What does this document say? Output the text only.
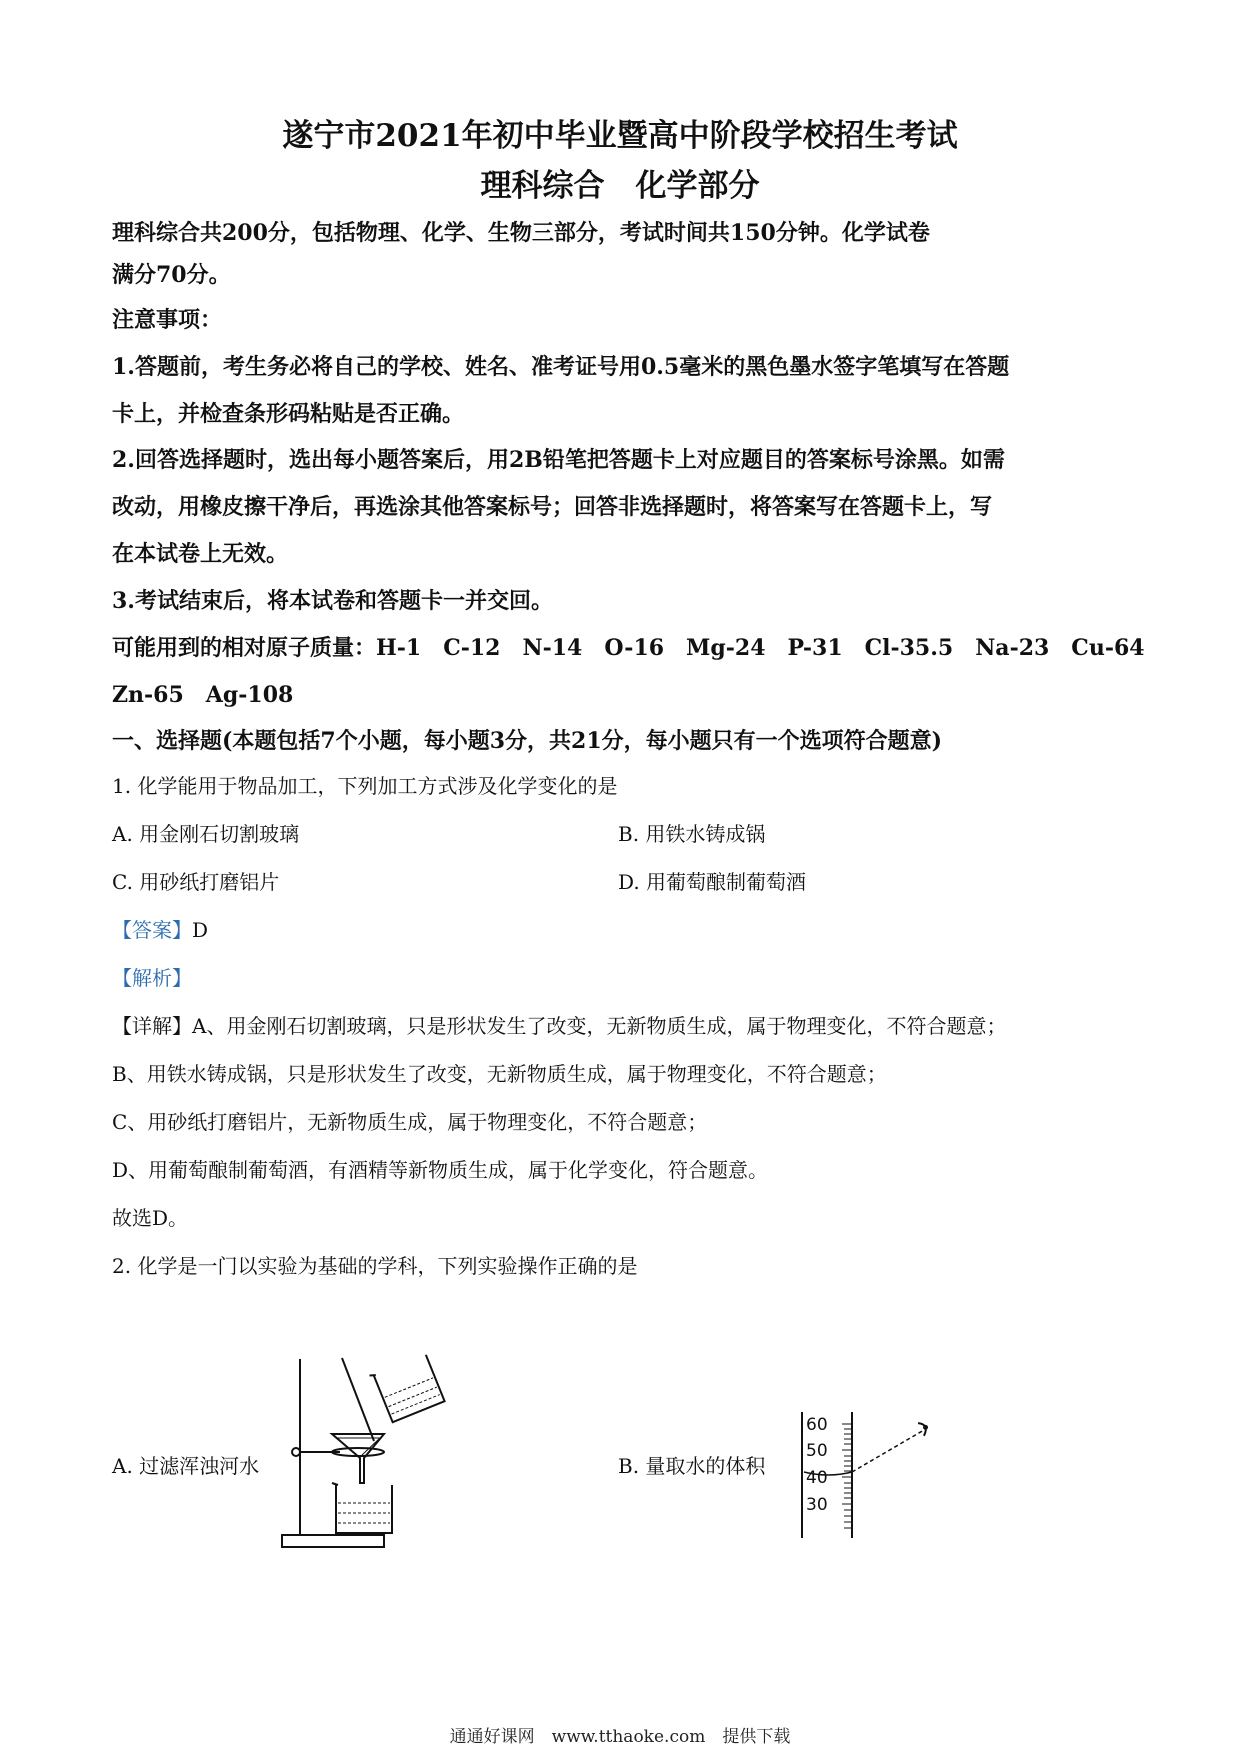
遂宁市2021年初中毕业暨高中阶段学校招生考试
理科综合　化学部分
理科综合共200分，包括物理、化学、生物三部分，考试时间共150分钟。化学试卷
满分70分。
注意事项：
1.答题前，考生务必将自己的学校、姓名、准考证号用0.5毫米的黑色墨水签字笔填写在答题
卡上，并检查条形码粘贴是否正确。
2.回答选择题时，选出每小题答案后，用2B铅笔把答题卡上对应题目的答案标号涂黑。如需
改动，用橡皮擦干净后，再选涂其他答案标号；回答非选择题时，将答案写在答题卡上，写
在本试卷上无效。
3.考试结束后，将本试卷和答题卡一并交回。
可能用到的相对原子质量：H-1　C-12　N-14　O-16　Mg-24　P-31　Cl-35.5　Na-23　Cu-64
Zn-65　Ag-108
一、选择题(本题包括7个小题，每小题3分，共21分，每小题只有一个选项符合题意)
1. 化学能用于物品加工，下列加工方式涉及化学变化的是
A. 用金刚石切割玻璃	B. 用铁水铸成锅
C. 用砂纸打磨铝片	D. 用葡萄酿制葡萄酒
【答案】D
【解析】
【详解】A、用金刚石切割玻璃，只是形状发生了改变，无新物质生成，属于物理变化，不符合题意；
B、用铁水铸成锅，只是形状发生了改变，无新物质生成，属于物理变化，不符合题意；
C、用砂纸打磨铝片，无新物质生成，属于物理变化，不符合题意；
D、用葡萄酿制葡萄酒，有酒精等新物质生成，属于化学变化，符合题意。
故选D。
2. 化学是一门以实验为基础的学科，下列实验操作正确的是
A. 过滤浑浊河水	B. 量取水的体积
60
50
40
30
通通好课网　www.tthaoke.com　提供下载
